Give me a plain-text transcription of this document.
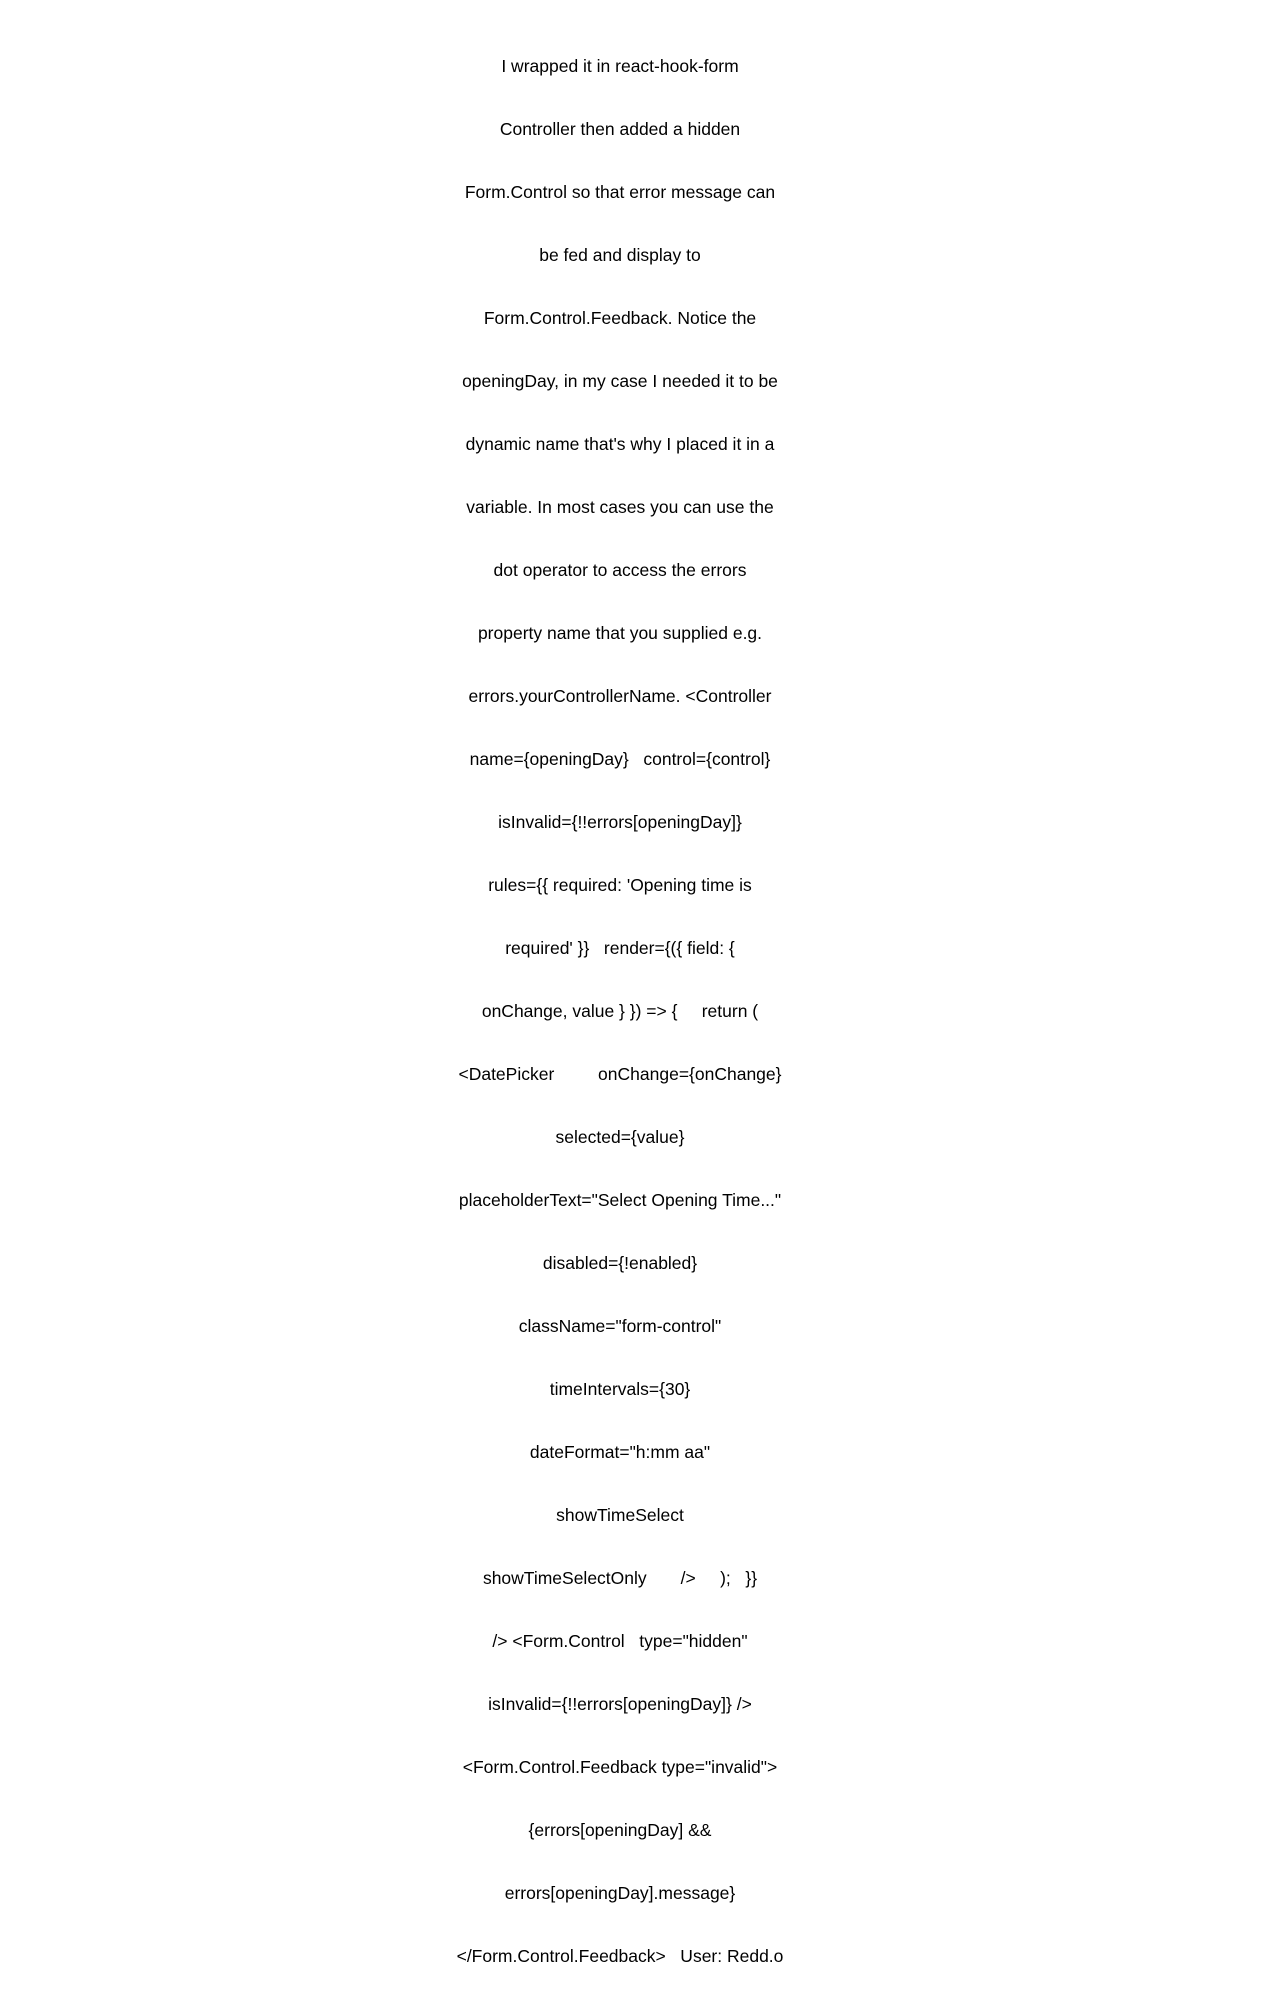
I wrapped it in react-hook-form

Controller then added a hidden

Form.Control so that error message can

be fed and display to

Form.Control.Feedback. Notice the

openingDay, in my case I needed it to be

dynamic name that's why I placed it in a

variable. In most cases you can use the

dot operator to access the errors

property name that you supplied e.g.

errors.yourControllerName. <Controller

name={openingDay}   control={control}

isInvalid={!!errors[openingDay]}

rules={{ required: 'Opening time is

required' }}   render={({ field: {

onChange, value } }) => {     return (

<DatePicker         onChange={onChange}

selected={value}

placeholderText="Select Opening Time..."

disabled={!enabled}

className="form-control"

timeIntervals={30}

dateFormat="h:mm aa"

showTimeSelect

showTimeSelectOnly       />     );   }}

/> <Form.Control   type="hidden"

isInvalid={!!errors[openingDay]} />

<Form.Control.Feedback type="invalid">

{errors[openingDay] &&

errors[openingDay].message}

</Form.Control.Feedback>   User: Redd.o
